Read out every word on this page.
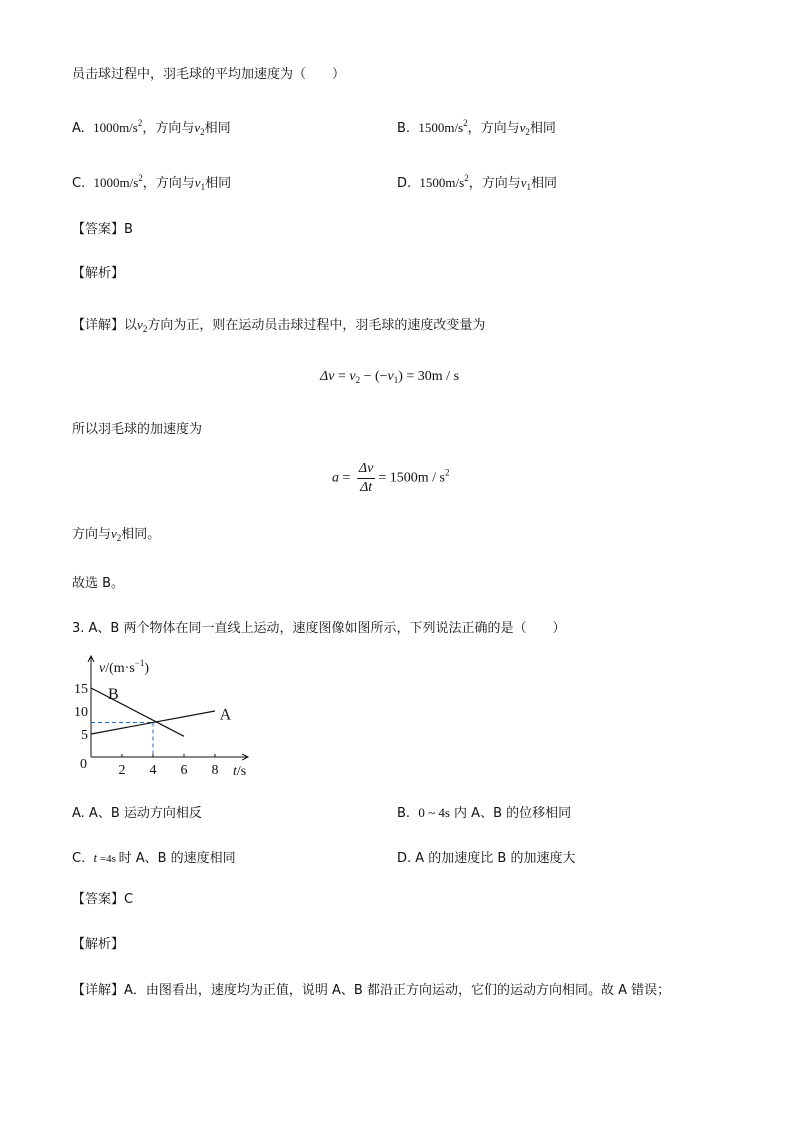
员击球过程中，羽毛球的平均加速度为（　　）
A. $1000m/s^2$，方向与$v_2$相同	B. $1500m/s^2$，方向与$v_2$相同
C. $1000m/s^2$，方向与$v_1$相同	D. $1500m/s^2$，方向与$v_1$相同
【答案】B
【解析】
【详解】以$v_2$方向为正，则在运动员击球过程中，羽毛球的速度改变量为
$\Delta v = v_2 - (-v_1) = 30m / s$
所以羽毛球的加速度为
$a = \frac{\Delta v}{\Delta t} = 1500m / s^2$
方向与$v_2$相同。
故选 B。
3. A、B 两个物体在同一直线上运动，速度图像如图所示，下列说法正确的是（　　）
$v/(m\cdot s^{-1})$
2 4 6 8
5
10
15
t/s
0
A
B
A. A、B 运动方向相反	B. 0 ~ 4s 内 A、B 的位移相同
C. t =4s 时 A、B 的速度相同	D. A 的加速度比 B 的加速度大
【答案】C
【解析】
【详解】A．由图看出，速度均为正值，说明 A、B 都沿正方向运动，它们的运动方向相同。故 A 错误；
